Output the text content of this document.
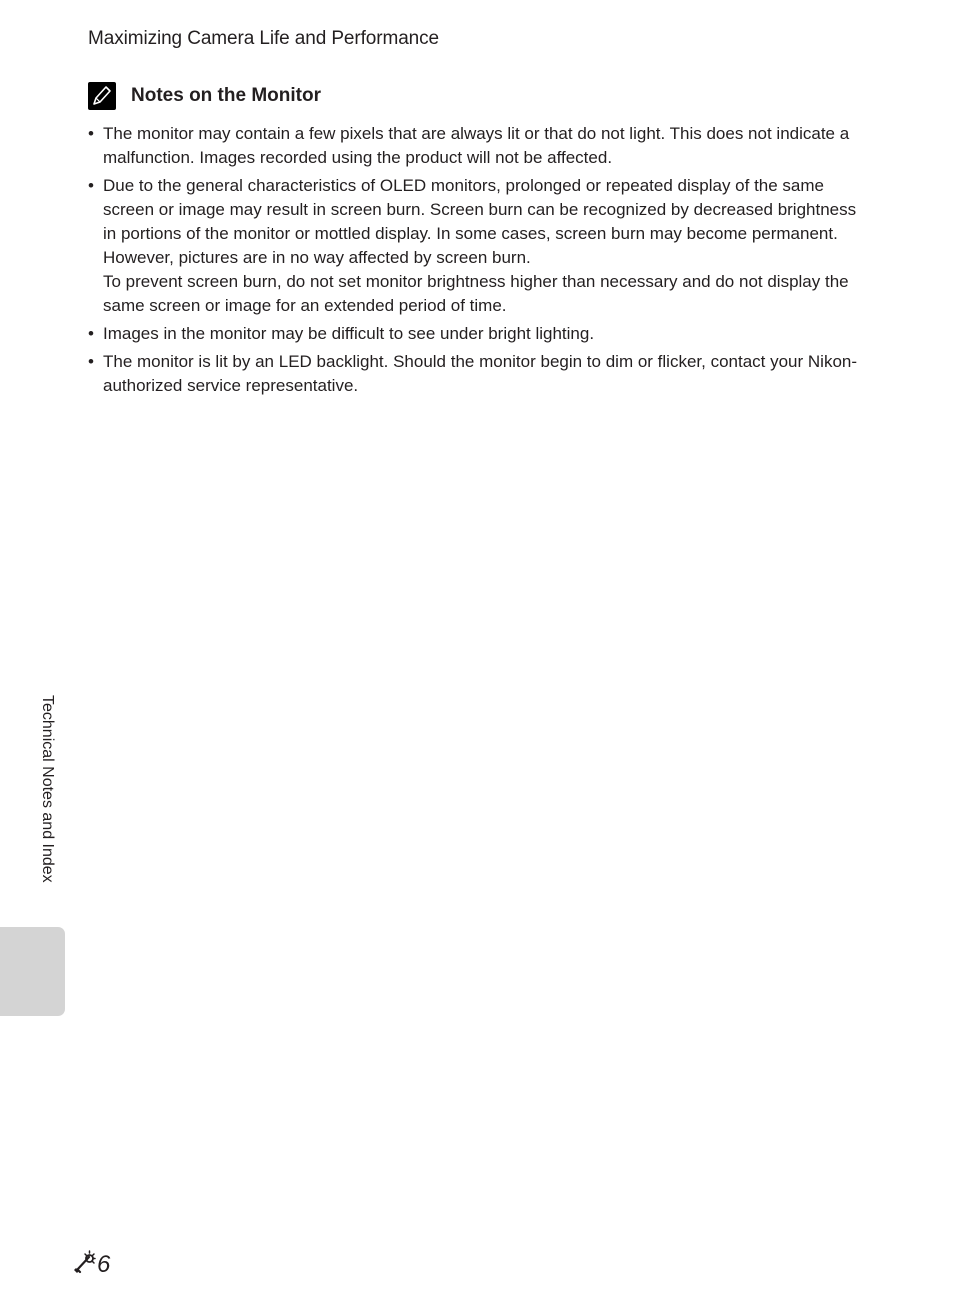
Maximizing Camera Life and Performance
Notes on the Monitor
• The monitor may contain a few pixels that are always lit or that do not light. This does not indicate a malfunction. Images recorded using the product will not be affected.
• Due to the general characteristics of OLED monitors, prolonged or repeated display of the same screen or image may result in screen burn. Screen burn can be recognized by decreased brightness in portions of the monitor or mottled display. In some cases, screen burn may become permanent. However, pictures are in no way affected by screen burn.
To prevent screen burn, do not set monitor brightness higher than necessary and do not display the same screen or image for an extended period of time.
• Images in the monitor may be difficult to see under bright lighting.
• The monitor is lit by an LED backlight. Should the monitor begin to dim or flicker, contact your Nikon-authorized service representative.
Technical Notes and Index
6
